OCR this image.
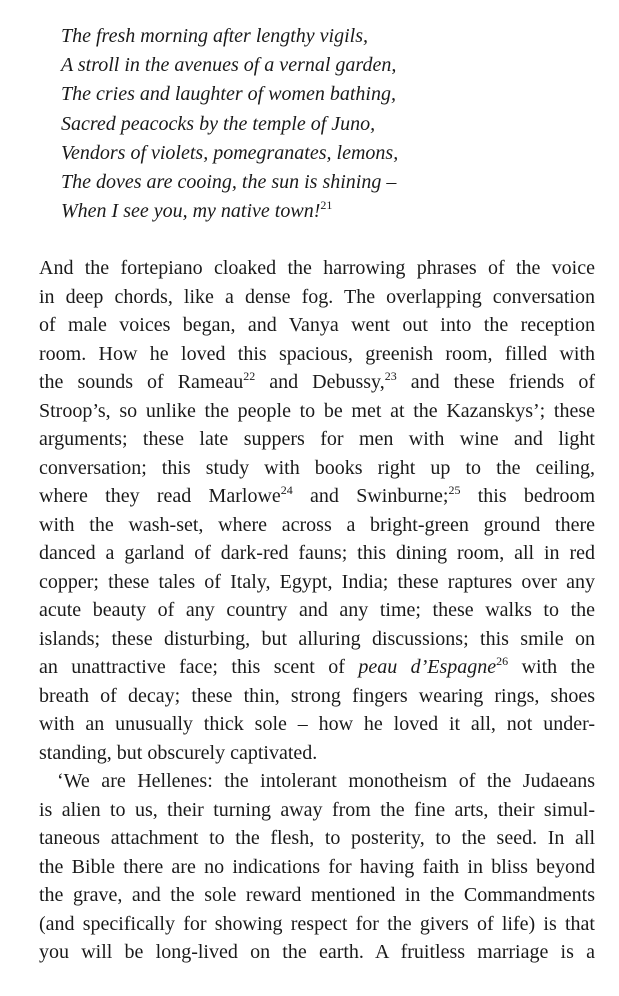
The fresh morning after lengthy vigils,
A stroll in the avenues of a vernal garden,
The cries and laughter of women bathing,
Sacred peacocks by the temple of Juno,
Vendors of violets, pomegranates, lemons,
The doves are cooing, the sun is shining –
When I see you, my native town!$^{21}$
And the fortepiano cloaked the harrowing phrases of the voice
in deep chords, like a dense fog. The overlapping conversation
of male voices began, and Vanya went out into the reception
room. How he loved this spacious, greenish room, filled with
the sounds of Rameau$^{22}$ and Debussy,$^{23}$ and these friends of
Stroop’s, so unlike the people to be met at the Kazanskys’; these
arguments; these late suppers for men with wine and light
conversation; this study with books right up to the ceiling,
where they read Marlowe$^{24}$ and Swinburne;$^{25}$ this bedroom
with the wash-set, where across a bright-green ground there
danced a garland of dark-red fauns; this dining room, all in red
copper; these tales of Italy, Egypt, India; these raptures over any
acute beauty of any country and any time; these walks to the
islands; these disturbing, but alluring discussions; this smile on
an unattractive face; this scent of peau d’Espagne$^{26}$ with the
breath of decay; these thin, strong fingers wearing rings, shoes
with an unusually thick sole – how he loved it all, not under-
standing, but obscurely captivated.
‘We are Hellenes: the intolerant monotheism of the Judaeans
is alien to us, their turning away from the fine arts, their simul-
taneous attachment to the flesh, to posterity, to the seed. In all
the Bible there are no indications for having faith in bliss beyond
the grave, and the sole reward mentioned in the Commandments
(and specifically for showing respect for the givers of life) is that
you will be long-lived on the earth. A fruitless marriage is a
